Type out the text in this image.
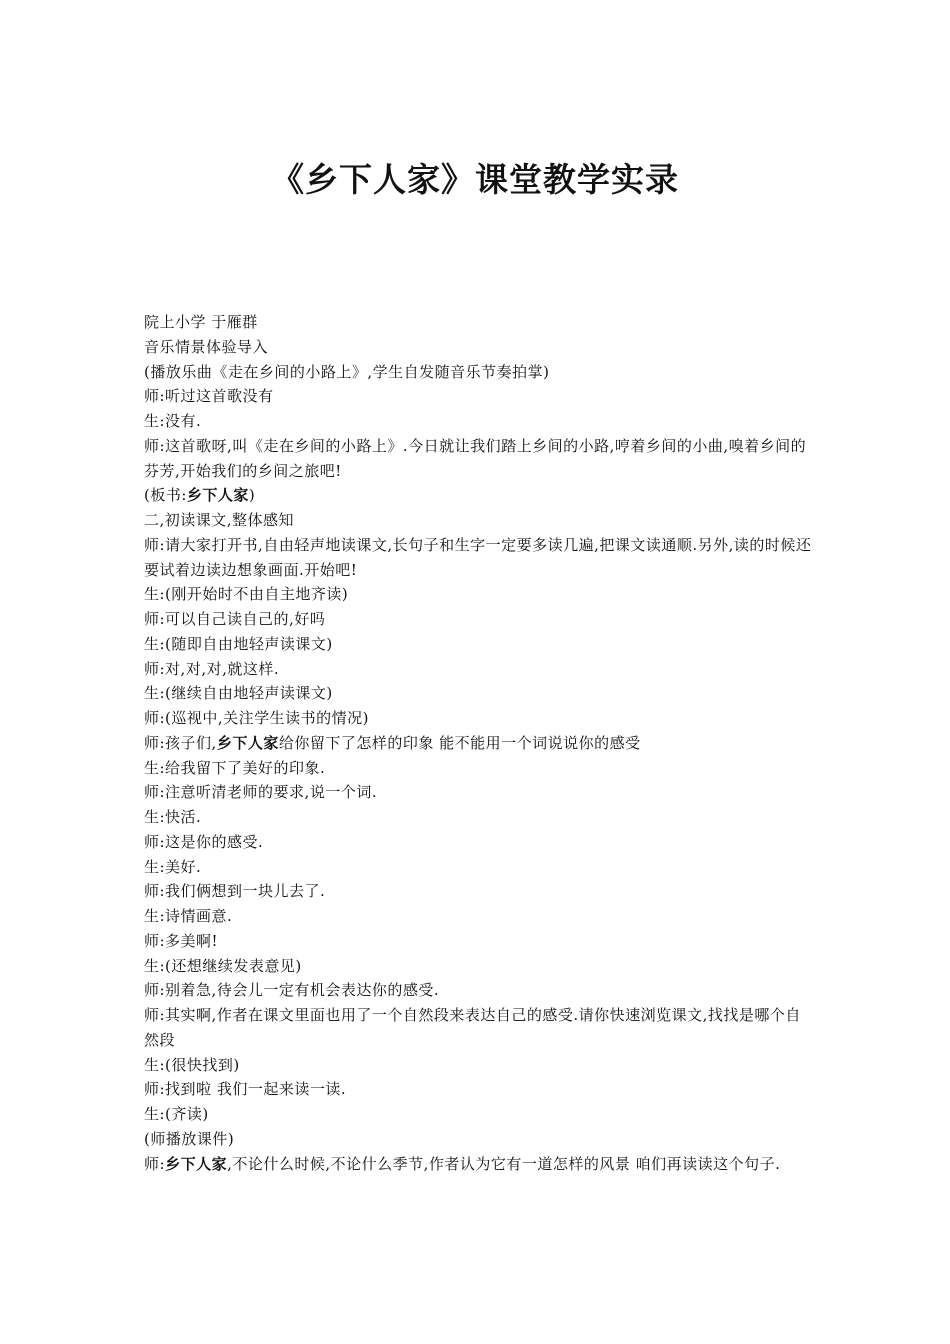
《乡下人家》课堂教学实录

院上小学 于雁群

音乐情景体验导入

(播放乐曲《走在乡间的小路上》,学生自发随音乐节奏拍掌)

师:听过这首歌没有

生:没有.

师:这首歌呀,叫《走在乡间的小路上》.今日就让我们踏上乡间的小路,哼着乡间的小曲,嗅着乡间的芬芳,开始我们的乡间之旅吧!

(板书:乡下人家)

二,初读课文,整体感知

师:请大家打开书,自由轻声地读课文,长句子和生字一定要多读几遍,把课文读通顺.另外,读的时候还要试着边读边想象画面.开始吧!

生:(刚开始时不由自主地齐读)

师:可以自己读自己的,好吗

生:(随即自由地轻声读课文)

师:对,对,对,就这样.

生:(继续自由地轻声读课文)

师:(巡视中,关注学生读书的情况)

师:孩子们,乡下人家给你留下了怎样的印象 能不能用一个词说说你的感受

生:给我留下了美好的印象.

师:注意听清老师的要求,说一个词.

生:快活.

师:这是你的感受.

生:美好.

师:我们俩想到一块儿去了.

生:诗情画意.

师:多美啊!

生:(还想继续发表意见)

师:别着急,待会儿一定有机会表达你的感受.

师:其实啊,作者在课文里面也用了一个自然段来表达自己的感受.请你快速浏览课文,找找是哪个自然段

生:(很快找到)

师:找到啦 我们一起来读一读.

生:(齐读)

(师播放课件)

师:乡下人家,不论什么时候,不论什么季节,作者认为它有一道怎样的风景 咱们再读读这个句子.
